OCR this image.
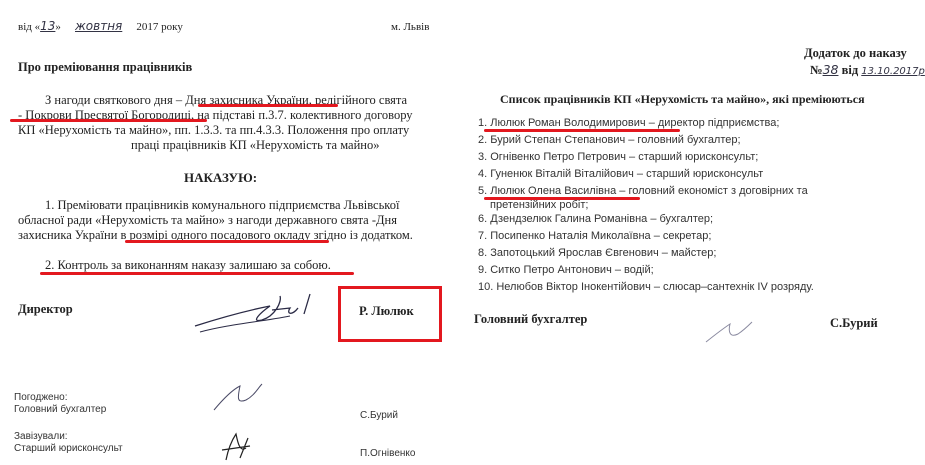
від «13» жовтня 2017 року	м. Львів
Про преміювання працівників
З нагоди святкового дня – Дня захисника України, релігійного свята
- Покрови Пресвятої Богородиці, на підставі п.3.7. колективного договору
КП «Нерухомість та майно», пп. 1.3.3. та пп.4.3.3. Положення про оплату
праці працівників КП «Нерухомість та майно»
НАКАЗУЮ:
1. Преміювати працівників комунального підприємства Львівської
обласної ради «Нерухомість та майно» з нагоди державного свята -Дня
захисника України в розмірі одного посадового окладу згідно із додатком.
2. Контроль за виконанням наказу залишаю за собою.
Директор	Р. Люлюк
Погоджено:
Головний бухгалтер
С.Бурий
Завізували:
Старший юрисконсульт	П.Огнівенко
Додаток до наказу
№38 від 13.10.2017р
Список працівників КП «Нерухомість та майно», які преміюються
1. Люлюк Роман Володимирович – директор підприємства;
2. Бурий Степан Степанович – головний бухгалтер;
3. Огнівенко Петро Петрович – старший юрисконсульт;
4. Гуненюк Віталій Віталійович – старший юрисконсульт
5. Люлюк Олена Василівна – головний економіст з договірних та
претензійних робіт;
6. Дзендзелюк Галина Романівна – бухгалтер;
7. Посипенко Наталія Миколаївна – секретар;
8. Запотоцький Ярослав Євгенович – майстер;
9. Ситко Петро Антонович – водій;
10. Нелюбов Віктор Інокентійович – слюсар–сантехнік IV розряду.
Головний бухгалтер	С.Бурий
